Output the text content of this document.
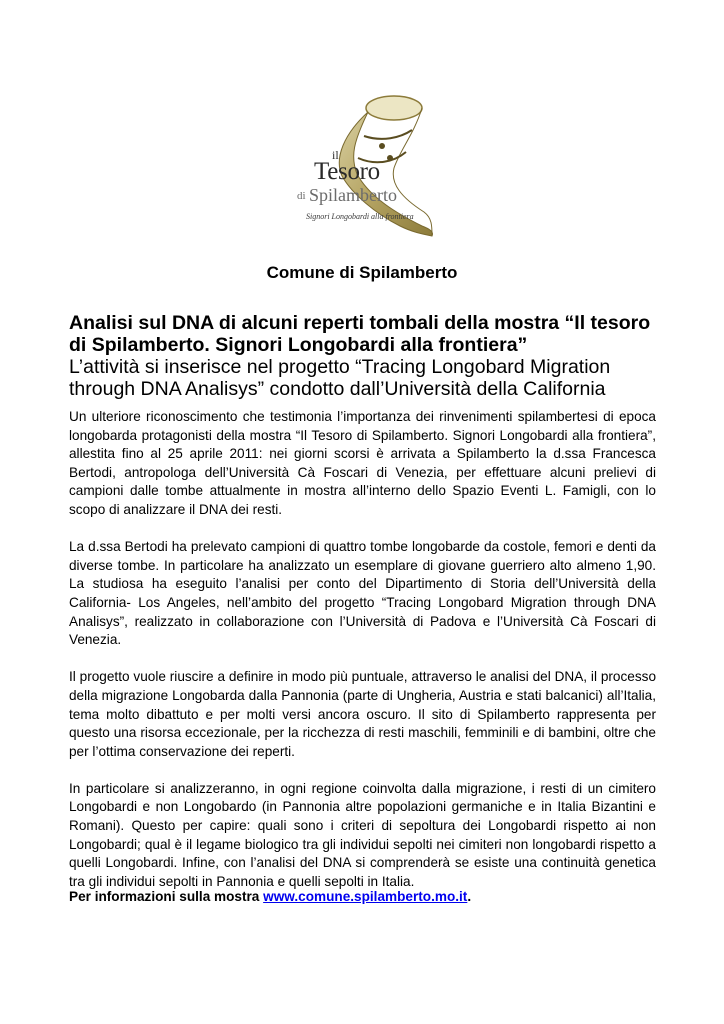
il
Tesoro
di Spilamberto
Signori Longobardi alla frontiera
Comune di Spilamberto

Analisi sul DNA di alcuni reperti tombali della mostra “Il tesoro di Spilamberto. Signori Longobardi alla frontiera”

L’attività si inserisce nel progetto “Tracing Longobard Migration through DNA Analisys” condotto dall’Università della California

Un ulteriore riconoscimento che testimonia l’importanza dei rinvenimenti spilambertesi di epoca longobarda protagonisti della mostra “Il Tesoro di Spilamberto. Signori Longobardi alla frontiera”, allestita fino al 25 aprile 2011: nei giorni scorsi è arrivata a Spilamberto la d.ssa Francesca Bertodi, antropologa dell’Università Cà Foscari di Venezia, per effettuare alcuni prelievi di campioni dalle tombe attualmente in mostra all’interno dello Spazio Eventi L. Famigli, con lo scopo di analizzare il DNA dei resti.

La d.ssa Bertodi ha prelevato campioni di quattro tombe longobarde da costole, femori e denti da diverse tombe. In particolare ha analizzato un esemplare di giovane guerriero alto almeno 1,90. La studiosa ha eseguito l’analisi per conto del Dipartimento di Storia dell’Università della California- Los Angeles, nell’ambito del progetto “Tracing Longobard Migration through DNA Analisys”, realizzato in collaborazione con l’Università di Padova e l’Università Cà Foscari di Venezia.

Il progetto vuole riuscire a definire in modo più puntuale, attraverso le analisi del DNA, il processo della migrazione Longobarda dalla Pannonia (parte di Ungheria, Austria e stati balcanici) all’Italia, tema molto dibattuto e per molti versi ancora oscuro. Il sito di Spilamberto rappresenta per questo una risorsa eccezionale, per la ricchezza di resti maschili, femminili e di bambini, oltre che per l’ottima conservazione dei reperti.

In particolare si analizzeranno, in ogni regione coinvolta dalla migrazione, i resti di un cimitero Longobardi e non Longobardo (in Pannonia altre popolazioni germaniche e in Italia Bizantini e Romani). Questo per capire: quali sono i criteri di sepoltura dei Longobardi rispetto ai non Longobardi; qual è il legame biologico tra gli individui sepolti nei cimiteri non longobardi rispetto a quelli Longobardi. Infine, con l’analisi del DNA si comprenderà se esiste una continuità genetica tra gli individui sepolti in Pannonia e quelli sepolti in Italia.

Per informazioni sulla mostra www.comune.spilamberto.mo.it.
